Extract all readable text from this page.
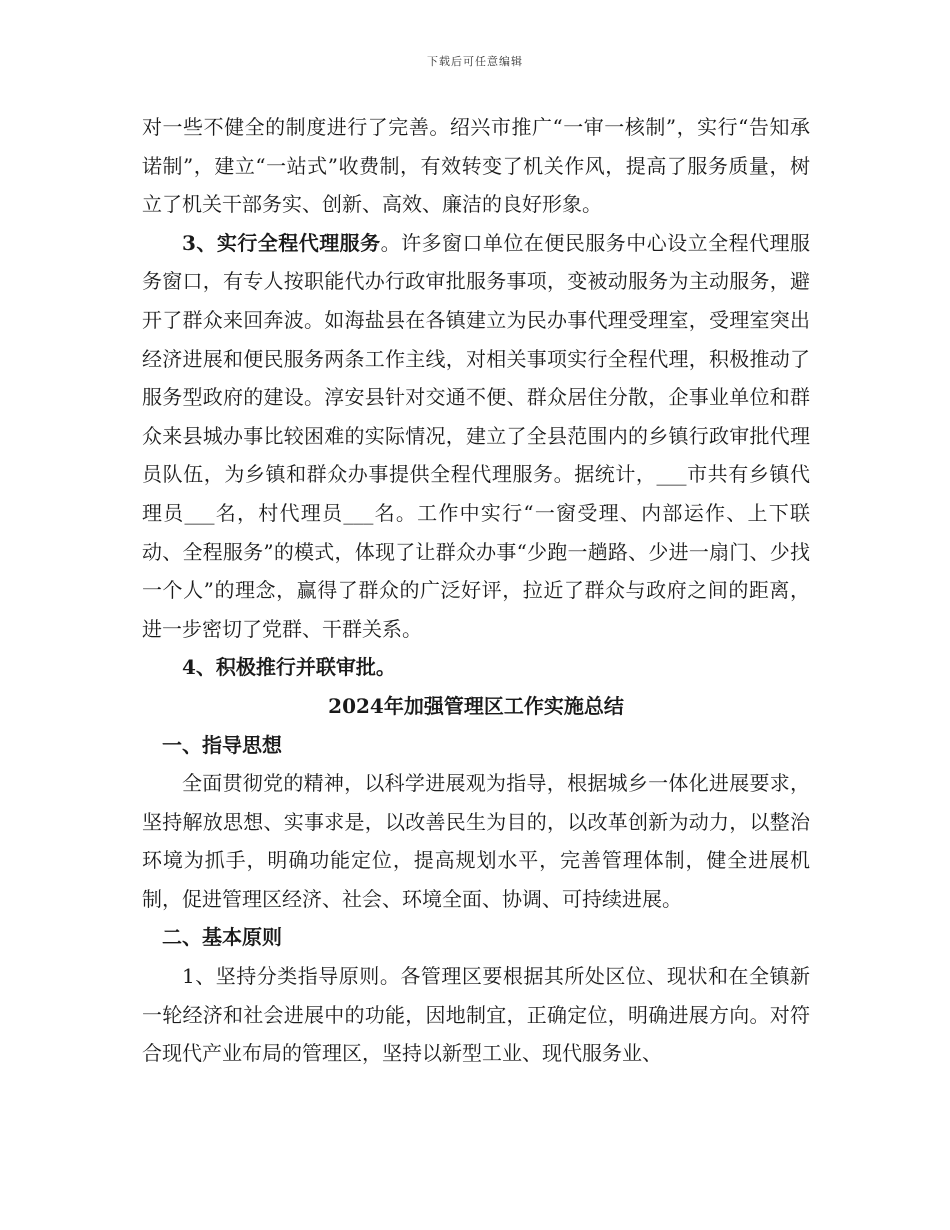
下载后可任意编辑

对一些不健全的制度进行了完善。绍兴市推广“一审一核制”，实行“告知承诺制”，建立“一站式”收费制，有效转变了机关作风，提高了服务质量，树立了机关干部务实、创新、高效、廉洁的良好形象。

3、实行全程代理服务。许多窗口单位在便民服务中心设立全程代理服务窗口，有专人按职能代办行政审批服务事项，变被动服务为主动服务，避开了群众来回奔波。如海盐县在各镇建立为民办事代理受理室，受理室突出经济进展和便民服务两条工作主线，对相关事项实行全程代理，积极推动了服务型政府的建设。淳安县针对交通不便、群众居住分散，企事业单位和群众来县城办事比较困难的实际情况，建立了全县范围内的乡镇行政审批代理员队伍，为乡镇和群众办事提供全程代理服务。据统计，___市共有乡镇代理员___名，村代理员___名。工作中实行“一窗受理、内部运作、上下联动、全程服务”的模式，体现了让群众办事“少跑一趟路、少进一扇门、少找一个人”的理念，赢得了群众的广泛好评，拉近了群众与政府之间的距离，进一步密切了党群、干群关系。

4、积极推行并联审批。

2024年加强管理区工作实施总结

一、指导思想

全面贯彻党的精神，以科学进展观为指导，根据城乡一体化进展要求，坚持解放思想、实事求是，以改善民生为目的，以改革创新为动力，以整治环境为抓手，明确功能定位，提高规划水平，完善管理体制，健全进展机制，促进管理区经济、社会、环境全面、协调、可持续进展。

二、基本原则

1、坚持分类指导原则。各管理区要根据其所处区位、现状和在全镇新一轮经济和社会进展中的功能，因地制宜，正确定位，明确进展方向。对符合现代产业布局的管理区，坚持以新型工业、现代服务业、
